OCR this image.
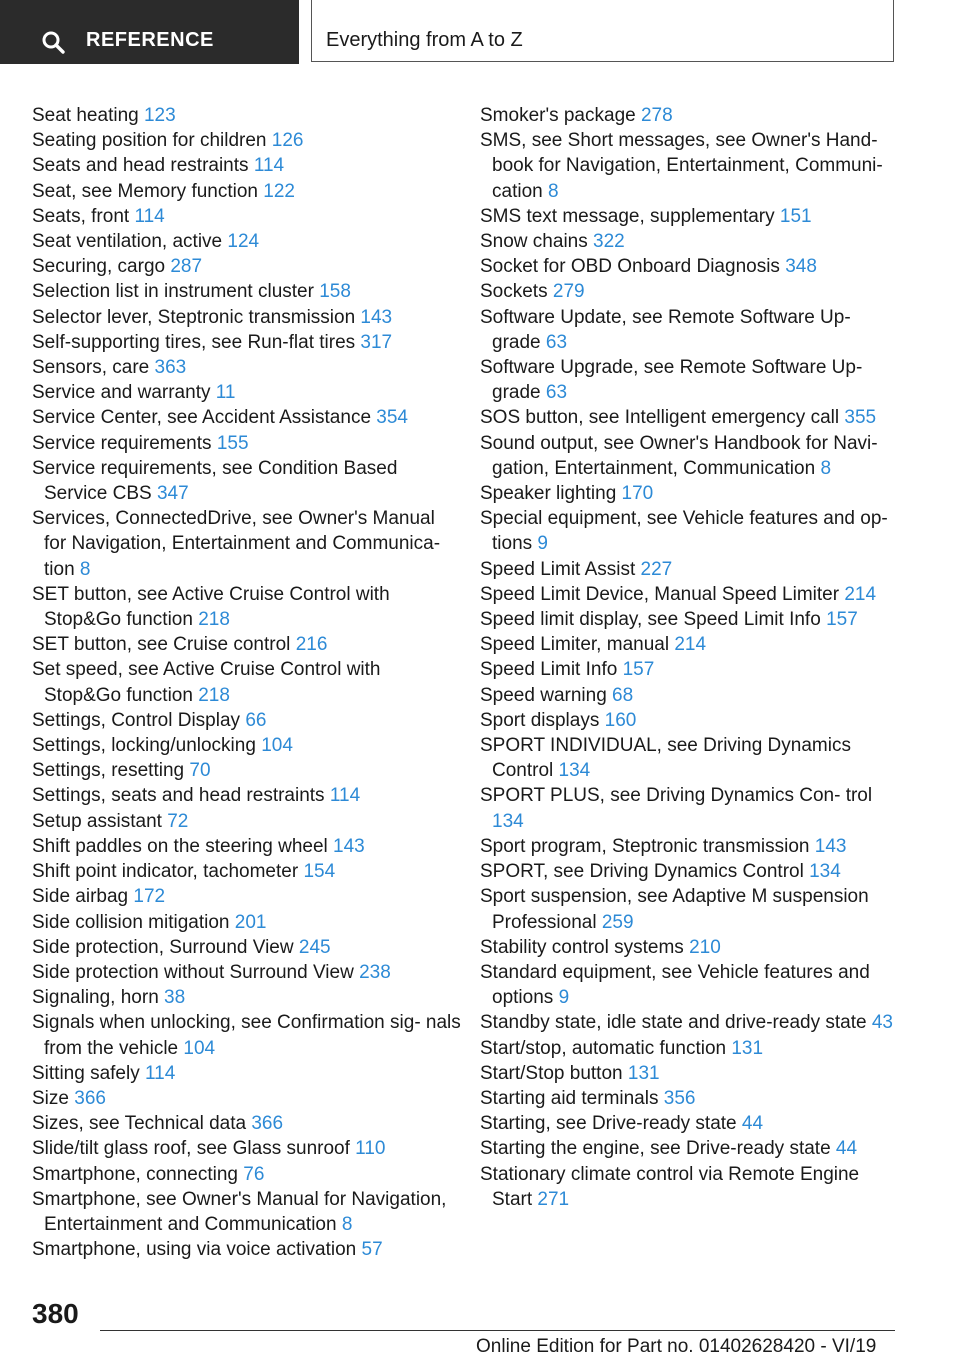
REFERENCE	Everything from A to Z
Seat heating 123
Seating position for children 126
Seats and head restraints 114
Seat, see Memory function 122
Seats, front 114
Seat ventilation, active 124
Securing, cargo 287
Selection list in instrument cluster 158
Selector lever, Steptronic transmission 143
Self-supporting tires, see Run-flat tires 317
Sensors, care 363
Service and warranty 11
Service Center, see Accident Assistance 354
Service requirements 155
Service requirements, see Condition Based Service CBS 347
Services, ConnectedDrive, see Owner's Manual for Navigation, Entertainment and Communica- tion 8
SET button, see Active Cruise Control with Stop&Go function 218
SET button, see Cruise control 216
Set speed, see Active Cruise Control with Stop&Go function 218
Settings, Control Display 66
Settings, locking/unlocking 104
Settings, resetting 70
Settings, seats and head restraints 114
Setup assistant 72
Shift paddles on the steering wheel 143
Shift point indicator, tachometer 154
Side airbag 172
Side collision mitigation 201
Side protection, Surround View 245
Side protection without Surround View 238
Signaling, horn 38
Signals when unlocking, see Confirmation sig- nals from the vehicle 104
Sitting safely 114
Size 366
Sizes, see Technical data 366
Slide/tilt glass roof, see Glass sunroof 110
Smartphone, connecting 76
Smartphone, see Owner's Manual for Navigation, Entertainment and Communication 8
Smartphone, using via voice activation 57
Smoker's package 278
SMS, see Short messages, see Owner's Hand- book for Navigation, Entertainment, Communi- cation 8
SMS text message, supplementary 151
Snow chains 322
Socket for OBD Onboard Diagnosis 348
Sockets 279
Software Update, see Remote Software Up- grade 63
Software Upgrade, see Remote Software Up- grade 63
SOS button, see Intelligent emergency call 355
Sound output, see Owner's Handbook for Navi- gation, Entertainment, Communication 8
Speaker lighting 170
Special equipment, see Vehicle features and op- tions 9
Speed Limit Assist 227
Speed Limit Device, Manual Speed Limiter 214
Speed limit display, see Speed Limit Info 157
Speed Limiter, manual 214
Speed Limit Info 157
Speed warning 68
Sport displays 160
SPORT INDIVIDUAL, see Driving Dynamics Control 134
SPORT PLUS, see Driving Dynamics Con- trol 134
Sport program, Steptronic transmission 143
SPORT, see Driving Dynamics Control 134
Sport suspension, see Adaptive M suspension Professional 259
Stability control systems 210
Standard equipment, see Vehicle features and options 9
Standby state, idle state and drive-ready state 43
Start/stop, automatic function 131
Start/Stop button 131
Starting aid terminals 356
Starting, see Drive-ready state 44
Starting the engine, see Drive-ready state 44
Stationary climate control via Remote Engine Start 271
380
Online Edition for Part no. 01402628420 - VI/19
